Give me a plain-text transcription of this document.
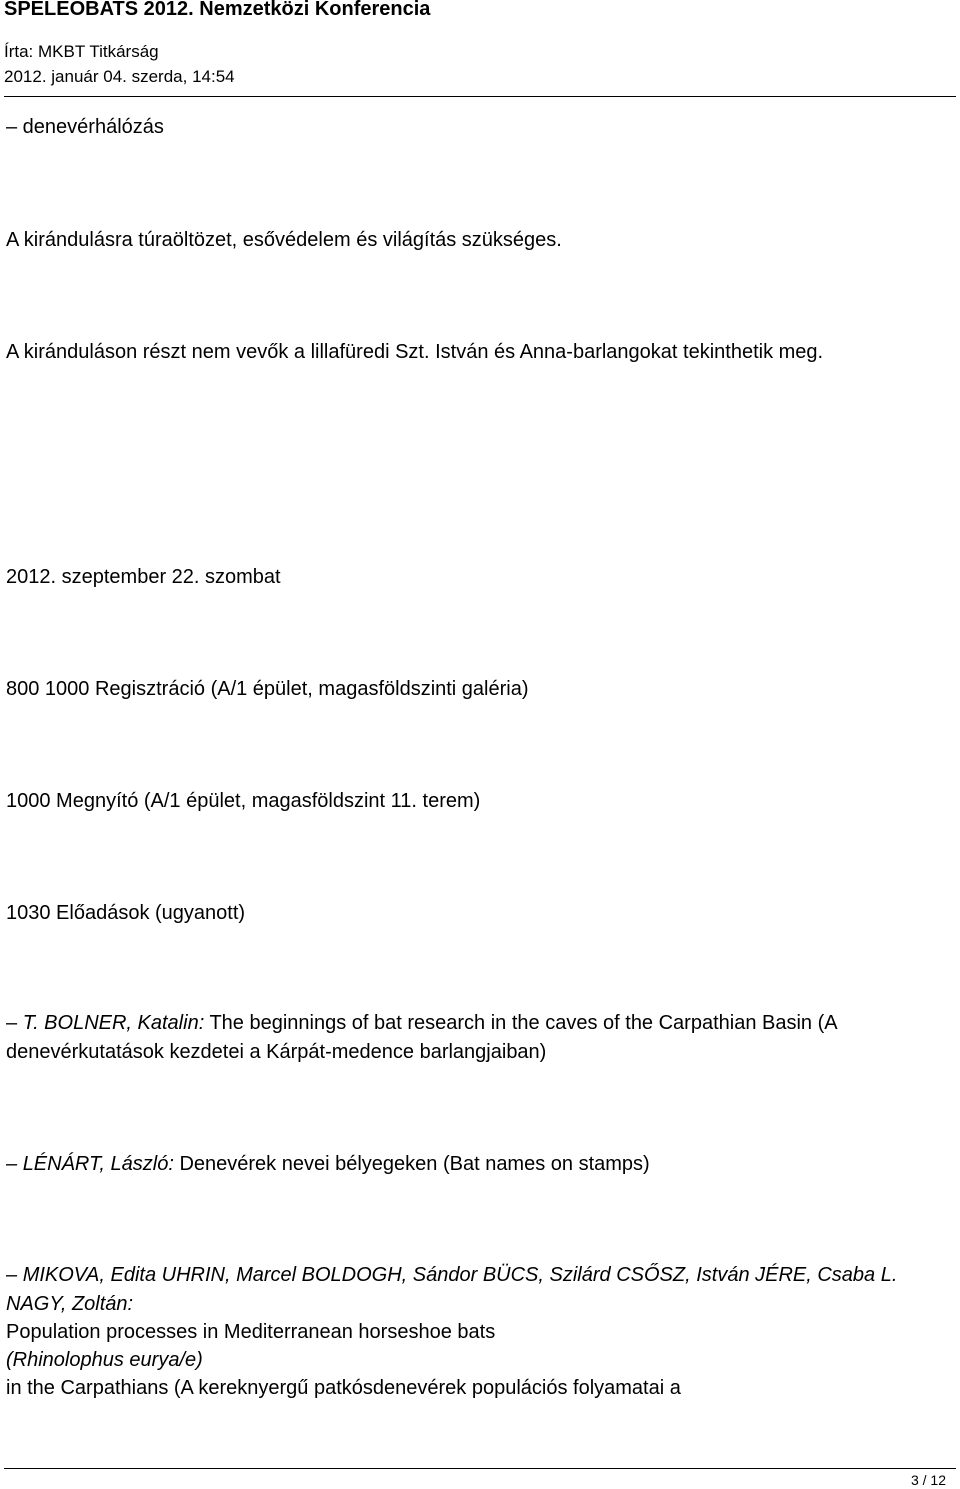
SPELEOBATS 2012. Nemzetközi Konferencia
Írta: MKBT Titkárság
2012. január 04. szerda, 14:54
– denevérhálózás
A kirándulásra túraöltözet, esővédelem és világítás szükséges.
A kiránduláson részt nem vevők a lillafüredi Szt. István és Anna-barlangokat tekinthetik meg.
2012. szeptember 22. szombat
800 1000 Regisztráció (A/1 épület, magasföldszinti galéria)
1000 Megnyító (A/1 épület, magasföldszint 11. terem)
1030 Előadások (ugyanott)
– T. BOLNER, Katalin: The beginnings of bat research in the caves of the Carpathian Basin (A denevérkutatások kezdetei a Kárpát-medence barlangjaiban)
– LÉNÁRT, László: Denevérek nevei bélyegeken (Bat names on stamps)
– MIKOVA, Edita UHRIN, Marcel BOLDOGH, Sándor BÜCS, Szilárd CSŐSZ, István JÉRE, Csaba L. NAGY, Zoltán:
Population processes in Mediterranean horseshoe bats
(Rhinolophus eurya/e)
in the Carpathians (A kereknyergű patkósdenevérek populációs folyamatai a
3 / 12
